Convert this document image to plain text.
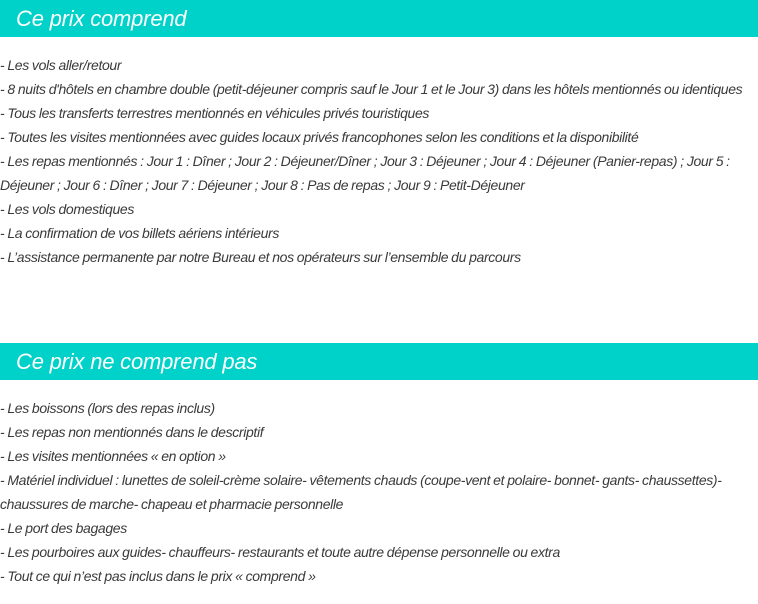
Ce prix comprend
- Les vols aller/retour
- 8 nuits d'hôtels en chambre double (petit-déjeuner compris sauf le Jour 1 et le Jour 3) dans les hôtels mentionnés ou identiques
- Tous les transferts terrestres mentionnés en véhicules privés touristiques
- Toutes les visites mentionnées avec guides locaux privés francophones selon les conditions et la disponibilité
- Les repas mentionnés : Jour 1 : Dîner ; Jour 2 : Déjeuner/Dîner ; Jour 3 : Déjeuner ; Jour 4 : Déjeuner (Panier-repas) ; Jour 5 : Déjeuner ; Jour 6 : Dîner ; Jour 7 : Déjeuner ; Jour 8 : Pas de repas ; Jour 9 : Petit-Déjeuner
- Les vols domestiques
- La confirmation de vos billets aériens intérieurs
- L’assistance permanente par notre Bureau et nos opérateurs sur l’ensemble du parcours
Ce prix ne comprend pas
- Les boissons (lors des repas inclus)
- Les repas non mentionnés dans le descriptif
- Les visites mentionnées « en option »
- Matériel individuel : lunettes de soleil-crème solaire- vêtements chauds (coupe-vent et polaire- bonnet- gants- chaussettes)-chaussures de marche- chapeau et pharmacie personnelle
- Le port des bagages
- Les pourboires aux guides- chauffeurs- restaurants et toute autre dépense personnelle ou extra
- Tout ce qui n’est pas inclus dans le prix « comprend »
